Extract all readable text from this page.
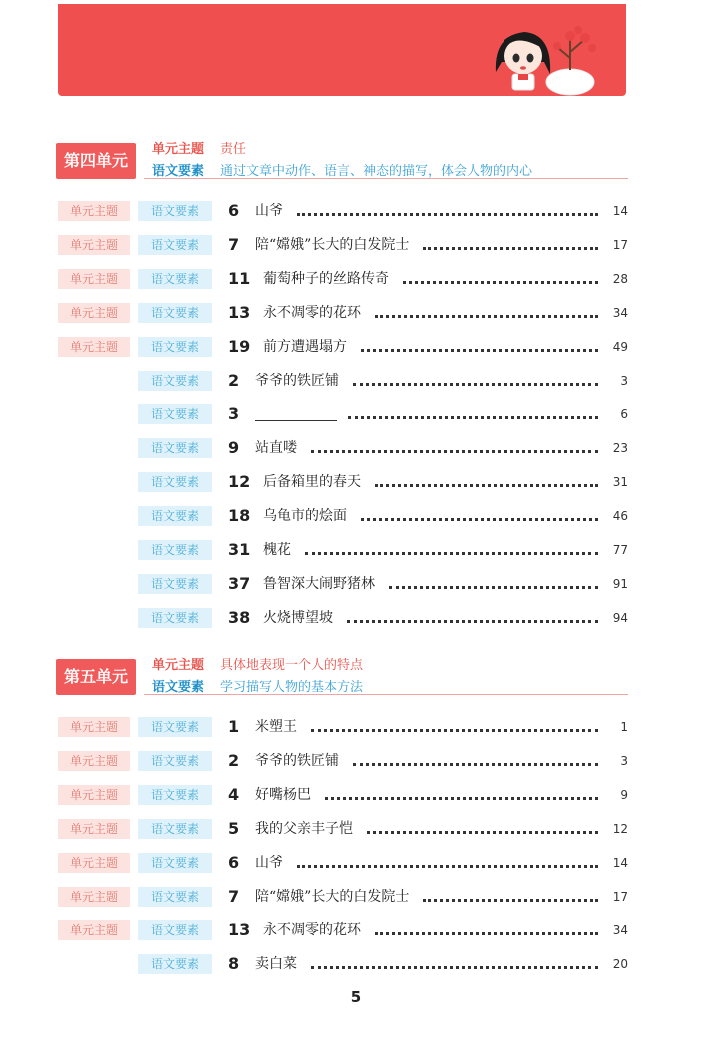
第四单元
单元主题 责任
语文要素 通过文章中动作、语言、神态的描写，体会人物的内心
单元主题	语文要素	6 山爷	14
单元主题	语文要素	7 陪“嫦娥”长大的白发院士	17
单元主题	语文要素	11 葡萄种子的丝路传奇	28
单元主题	语文要素	13 永不凋零的花环	34
单元主题	语文要素	19 前方遭遇塌方	49
语文要素	2 爷爷的铁匠铺	3
语文要素	3	6
语文要素	9 站直喽	23
语文要素	12 后备箱里的春天	31
语文要素	18 乌龟市的烩面	46
语文要素	31 槐花	77
语文要素	37 鲁智深大闹野猪林	91
语文要素	38 火烧博望坡	94
第五单元
单元主题 具体地表现一个人的特点
语文要素 学习描写人物的基本方法
单元主题	语文要素	1 米塑王	1
单元主题	语文要素	2 爷爷的铁匠铺	3
单元主题	语文要素	4 好嘴杨巴	9
单元主题	语文要素	5 我的父亲丰子恺	12
单元主题	语文要素	6 山爷	14
单元主题	语文要素	7 陪“嫦娥”长大的白发院士	17
单元主题	语文要素	13 永不凋零的花环	34
语文要素	8 卖白菜	20
5
